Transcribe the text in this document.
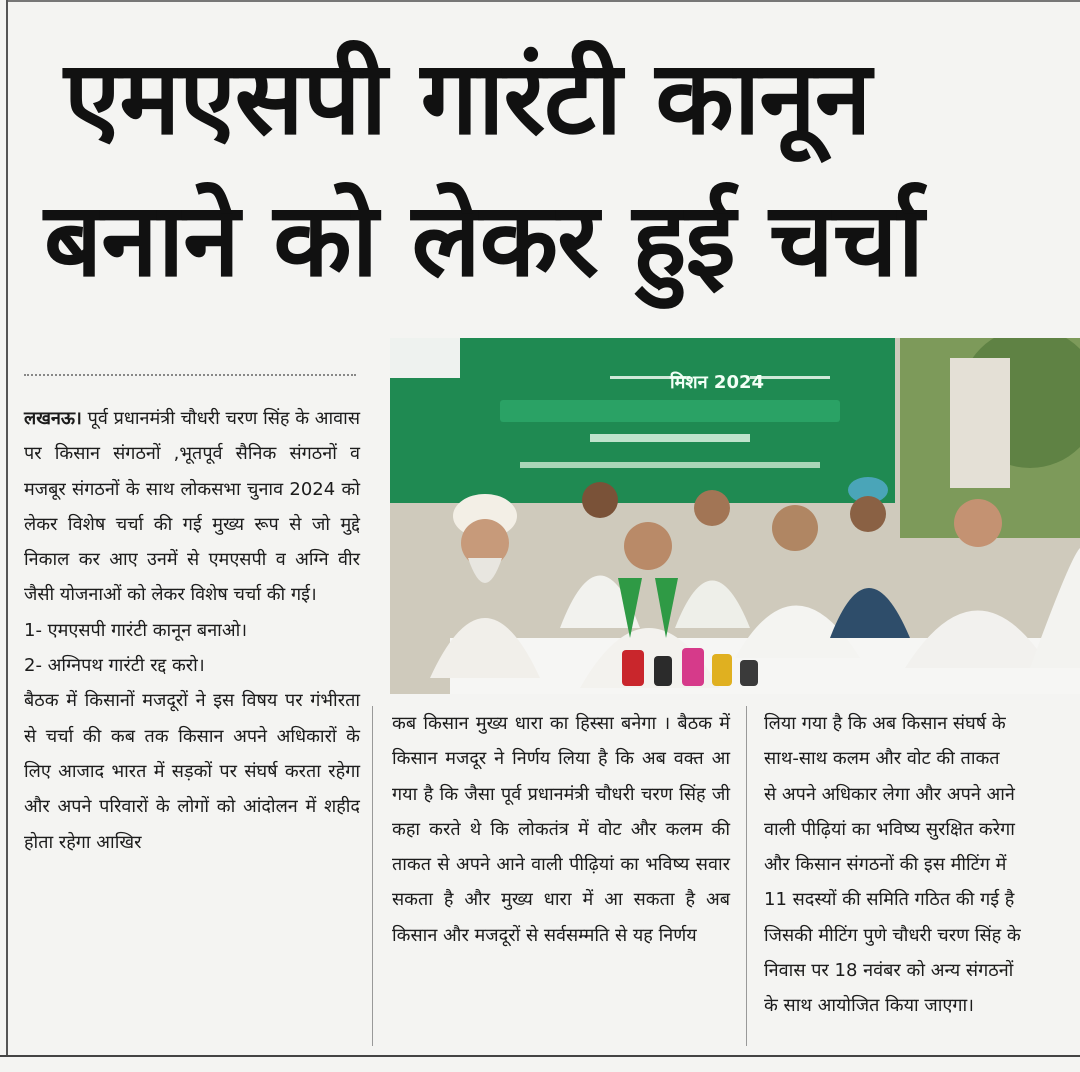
एमएसपी गारंटी कानून
बनाने को लेकर हुई चर्चा

लखनऊ। पूर्व प्रधानमंत्री चौधरी चरण सिंह के आवास पर किसान संगठनों ,भूतपूर्व सैनिक संगठनों व मजबूर संगठनों के साथ लोकसभा चुनाव 2024 को लेकर विशेष चर्चा की गई मुख्य रूप से जो मुद्दे निकाल कर आए उनमें से एमएसपी व अग्नि वीर जैसी योजनाओं को लेकर विशेष चर्चा की गई।

1- एमएसपी गारंटी कानून बनाओ।

2- अग्निपथ गारंटी रद्द करो।

बैठक में किसानों मजदूरों ने इस विषय पर गंभीरता से चर्चा की कब तक किसान अपने अधिकारों के लिए आजाद भारत में सड़कों पर संघर्ष करता रहेगा और अपने परिवारों के लोगों को आंदोलन में शहीद होता रहेगा आखिर

मिशन 2024

कब किसान मुख्य धारा का हिस्सा बनेगा । बैठक में किसान मजदूर ने निर्णय लिया है कि अब वक्त आ गया है कि जैसा पूर्व प्रधानमंत्री चौधरी चरण सिंह जी कहा करते थे कि लोकतंत्र में वोट और कलम की ताकत से अपने आने वाली पीढ़ियां का भविष्य सवार सकता है और मुख्य धारा में आ सकता है अब किसान और मजदूरों से सर्वसम्मति से यह निर्णय

लिया गया है कि अब किसान संघर्ष के
साथ-साथ कलम और वोट की ताकत
से अपने अधिकार लेगा और अपने आने
वाली पीढ़ियां का भविष्य सुरक्षित करेगा
और किसान संगठनों की इस मीटिंग में
11 सदस्यों की समिति गठित की गई है
जिसकी मीटिंग पुणे चौधरी चरण सिंह के
निवास पर 18 नवंबर को अन्य संगठनों
के साथ आयोजित किया जाएगा।
